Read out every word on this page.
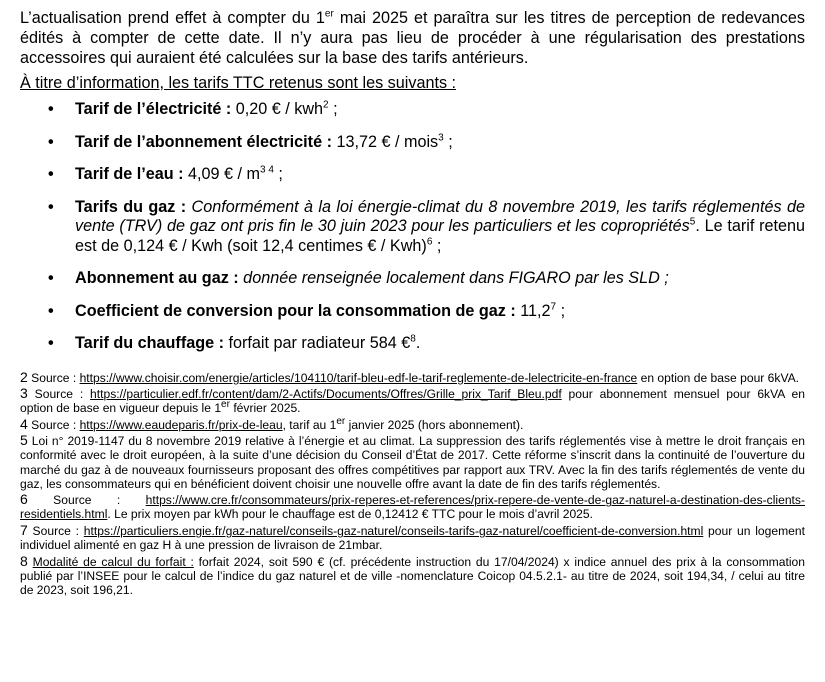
L’actualisation prend effet à compter du 1er mai 2025 et paraîtra sur les titres de perception de redevances édités à compter de cette date. Il n’y aura pas lieu de procéder à une régularisation des prestations accessoires qui auraient été calculées sur la base des tarifs antérieurs.

À titre d’information, les tarifs TTC retenus sont les suivants :

• Tarif de l’électricité : 0,20 € / kwh$^2$ ;
• Tarif de l’abonnement électricité : 13,72 € / mois$^3$ ;
• Tarif de l’eau : 4,09 € / $m^{3 4}$ ;
• Tarifs du gaz : Conformément à la loi énergie-climat du 8 novembre 2019, les tarifs réglementés de vente (TRV) de gaz ont pris fin le 30 juin 2023 pour les particuliers et les copropriétés$^5$. Le tarif retenu est de 0,124 € / Kwh (soit 12,4 centimes € / Kwh)$^6$ ;
• Abonnement au gaz : donnée renseignée localement dans FIGARO par les SLD ;
• Coefficient de conversion pour la consommation de gaz : 11,2$^7$ ;
• Tarif du chauffage : forfait par radiateur 584 €$^8$.

2 Source : https://www.choisir.com/energie/articles/104110/tarif-bleu-edf-le-tarif-reglemente-de-lelectricite-en-france en option de base pour 6kVA.

3 Source : https://particulier.edf.fr/content/dam/2-Actifs/Documents/Offres/Grille_prix_Tarif_Bleu.pdf pour abonnement mensuel pour 6kVA en option de base en vigueur depuis le 1er février 2025.

4 Source : https://www.eaudeparis.fr/prix-de-leau, tarif au 1er janvier 2025 (hors abonnement).

5 Loi n° 2019-1147 du 8 novembre 2019 relative à l’énergie et au climat. La suppression des tarifs réglementés vise à mettre le droit français en conformité avec le droit européen, à la suite d’une décision du Conseil d’État de 2017. Cette réforme s’inscrit dans la continuité de l’ouverture du marché du gaz à de nouveaux fournisseurs proposant des offres compétitives par rapport aux TRV. Avec la fin des tarifs réglementés de vente du gaz, les consommateurs qui en bénéficient doivent choisir une nouvelle offre avant la date de fin des tarifs réglementés.

6 Source : https://www.cre.fr/consommateurs/prix-reperes-et-references/prix-repere-de-vente-de-gaz-naturel-a-destination-des-clients-residentiels.html. Le prix moyen par kWh pour le chauffage est de 0,12412 € TTC pour le mois d’avril 2025.

7 Source : https://particuliers.engie.fr/gaz-naturel/conseils-gaz-naturel/conseils-tarifs-gaz-naturel/coefficient-de-conversion.html pour un logement individuel alimenté en gaz H à une pression de livraison de 21mbar.

8 Modalité de calcul du forfait : forfait 2024, soit 590 € (cf. précédente instruction du 17/04/2024) x indice annuel des prix à la consommation publié par l’INSEE pour le calcul de l’indice du gaz naturel et de ville -nomenclature Coicop 04.5.2.1- au titre de 2024, soit 194,34, / celui au titre de 2023, soit 196,21.
